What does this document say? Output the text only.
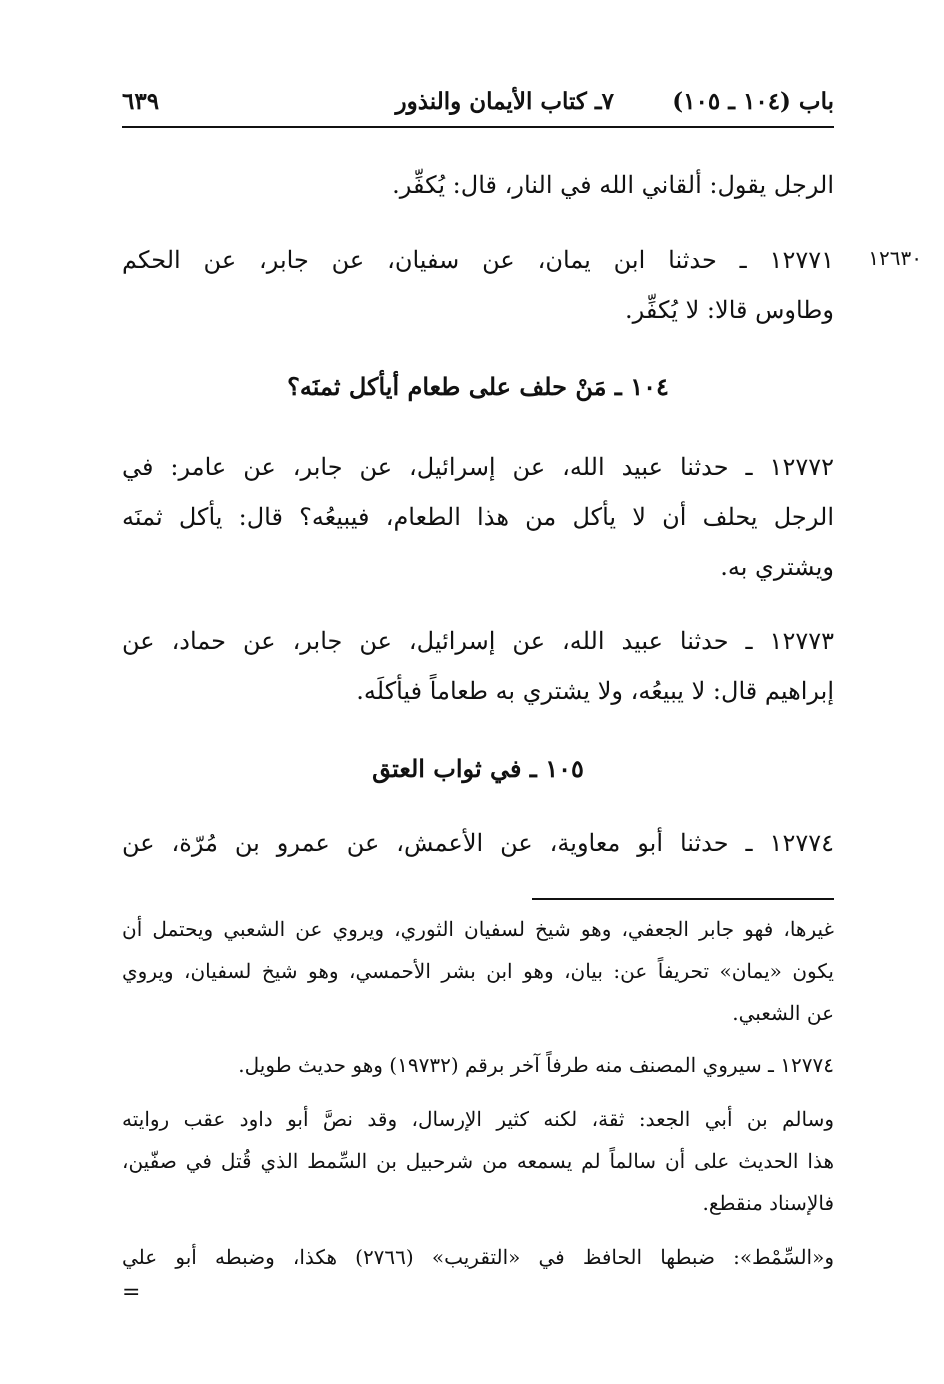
باب (١٠٤ ـ ١٠٥)
٧ـ كتاب الأيمان والنذور
٦٣٩
الرجل يقول: ألقاني الله في النار، قال: يُكفِّر.
١٢٦٣٠
١٢٧٧١ ـ حدثنا ابن يمان، عن سفيان، عن جابر، عن الحكم
وطاوس قالا: لا يُكفِّر.
١٠٤ ـ مَنْ حلف على طعام أيأكل ثمنَه؟
١٢٧٧٢ ـ حدثنا عبيد الله، عن إسرائيل، عن جابر، عن عامر: في
الرجل يحلف أن لا يأكل من هذا الطعام، فيبيعُه؟ قال: يأكل ثمنَه
ويشتري به.
١٢٧٧٣ ـ حدثنا عبيد الله، عن إسرائيل، عن جابر، عن حماد، عن
إبراهيم قال: لا يبيعُه، ولا يشتري به طعاماً فيأكلَه.
١٠٥ ـ في ثواب العتق
١٢٧٧٤ ـ حدثنا أبو معاوية، عن الأعمش، عن عمرو بن مُرّة، عن
غيرها، فهو جابر الجعفي، وهو شيخ لسفيان الثوري، ويروي عن الشعبي ويحتمل أن
يكون «يمان» تحريفاً عن: بيان، وهو ابن بشر الأحمسي، وهو شيخ لسفيان، ويروي
عن الشعبي.
١٢٧٧٤ ـ سيروي المصنف منه طرفاً آخر برقم (١٩٧٣٢) وهو حديث طويل.
وسالم بن أبي الجعد: ثقة، لكنه كثير الإرسال، وقد نصَّ أبو داود عقب روايته
هذا الحديث على أن سالماً لم يسمعه من شرحبيل بن السِّمط الذي قُتل في صفّين،
فالإسناد منقطع.
و«السِّمْط»: ضبطها الحافظ في «التقريب» (٢٧٦٦) هكذا، وضبطه أبو علي
=
